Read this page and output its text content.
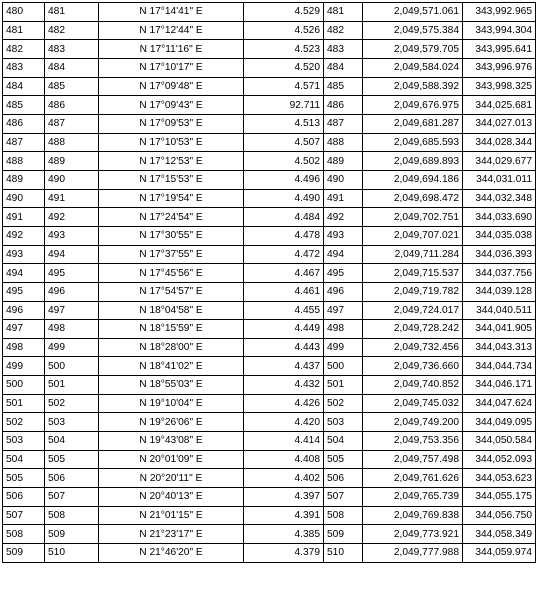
480	481	N 17°14'41" E	4.529	481	2,049,571.061	343,992.965
481	482	N 17°12'44" E	4.526	482	2,049,575.384	343,994.304
482	483	N 17°11'16" E	4.523	483	2,049,579.705	343,995.641
483	484	N 17°10'17" E	4.520	484	2,049,584.024	343,996.976
484	485	N 17°09'48" E	4.571	485	2,049,588.392	343,998.325
485	486	N 17°09'43" E	92.711	486	2,049,676.975	344,025.681
486	487	N 17°09'53" E	4.513	487	2,049,681.287	344,027.013
487	488	N 17°10'53" E	4.507	488	2,049,685.593	344,028.344
488	489	N 17°12'53" E	4.502	489	2,049,689.893	344,029.677
489	490	N 17°15'53" E	4.496	490	2,049,694.186	344,031.011
490	491	N 17°19'54" E	4.490	491	2,049,698.472	344,032.348
491	492	N 17°24'54" E	4.484	492	2,049,702.751	344,033.690
492	493	N 17°30'55" E	4.478	493	2,049,707.021	344,035.038
493	494	N 17°37'55" E	4.472	494	2,049,711.284	344,036.393
494	495	N 17°45'56" E	4.467	495	2,049,715.537	344,037.756
495	496	N 17°54'57" E	4.461	496	2,049,719.782	344,039.128
496	497	N 18°04'58" E	4.455	497	2,049,724.017	344,040.511
497	498	N 18°15'59" E	4.449	498	2,049,728.242	344,041.905
498	499	N 18°28'00" E	4.443	499	2,049,732.456	344,043.313
499	500	N 18°41'02" E	4.437	500	2,049,736.660	344,044.734
500	501	N 18°55'03" E	4.432	501	2,049,740.852	344,046.171
501	502	N 19°10'04" E	4.426	502	2,049,745.032	344,047.624
502	503	N 19°26'06" E	4.420	503	2,049,749.200	344,049.095
503	504	N 19°43'08" E	4.414	504	2,049,753.356	344,050.584
504	505	N 20°01'09" E	4.408	505	2,049,757.498	344,052.093
505	506	N 20°20'11" E	4.402	506	2,049,761.626	344,053.623
506	507	N 20°40'13" E	4.397	507	2,049,765.739	344,055.175
507	508	N 21°01'15" E	4.391	508	2,049,769.838	344,056.750
508	509	N 21°23'17" E	4.385	509	2,049,773.921	344,058.349
509	510	N 21°46'20" E	4.379	510	2,049,777.988	344,059.974
